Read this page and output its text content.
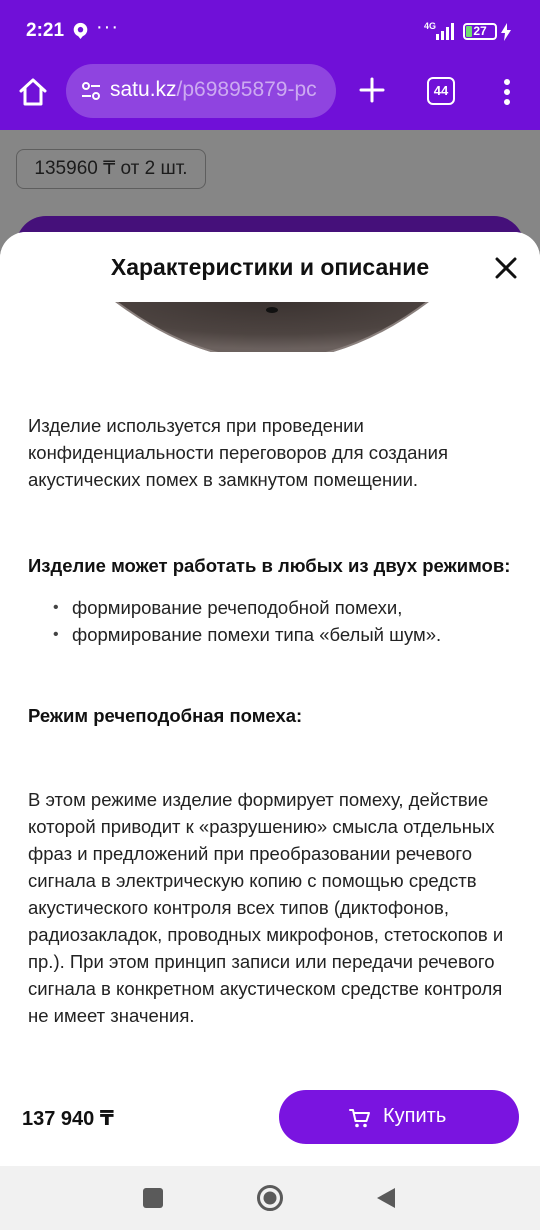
2:21 ···	4G	27
satu.kz/p69895879-pc	44
135960 ₸ от 2 шт.
Характеристики и описание

Изделие используется при проведении конфиденциальности переговоров для создания акустических помех в замкнутом помещении.

Изделие может работать в любых из двух режимов:

• формирование речеподобной помехи,
• формирование помехи типа «белый шум».

Режим речеподобная помеха:

В этом режиме изделие формирует помеху, действие которой приводит к «разрушению» смысла отдельных фраз и предложений при преобразовании речевого сигнала в электрическую копию с помощью средств акустического контроля всех типов (диктофонов, радиозакладок, проводных микрофонов, стетоскопов и пр.). При этом принцип записи или передачи речевого сигнала в конкретном акустическом средстве контроля не имеет значения.

137 940 ₸	Купить
